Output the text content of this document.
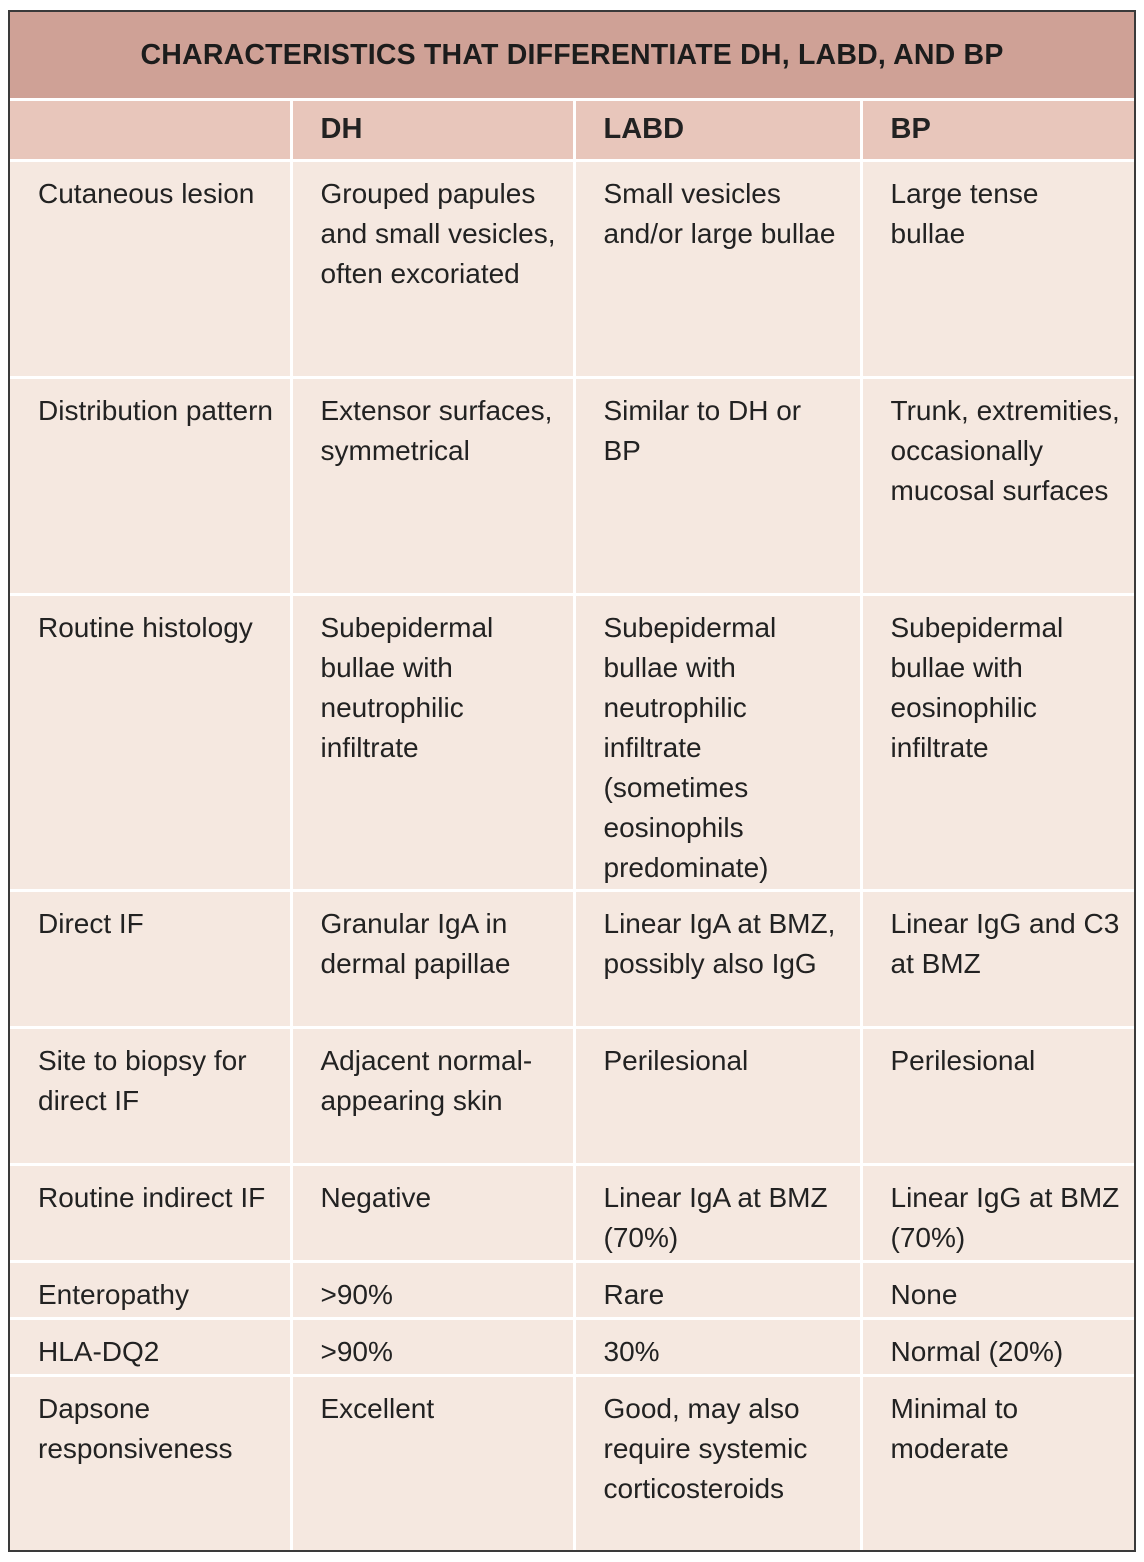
CHARACTERISTICS THAT DIFFERENTIATE DH, LABD, AND BP
	DH	LABD	BP
Cutaneous lesion	Grouped papules and small vesicles, often excoriated	Small vesicles and/or large bullae	Large tense bullae
Distribution pattern	Extensor surfaces, symmetrical	Similar to DH or BP	Trunk, extremities, occasionally mucosal surfaces
Routine histology	Subepidermal bullae with neutrophilic infiltrate	Subepidermal bullae with neutrophilic infiltrate (sometimes eosinophils predominate)	Subepidermal bullae with eosinophilic infiltrate
Direct IF	Granular IgA in dermal papillae	Linear IgA at BMZ, possibly also IgG	Linear IgG and C3 at BMZ
Site to biopsy for direct IF	Adjacent normal-appearing skin	Perilesional	Perilesional
Routine indirect IF	Negative	Linear IgA at BMZ (70%)	Linear IgG at BMZ (70%)
Enteropathy	>90%	Rare	None
HLA-DQ2	>90%	30%	Normal (20%)
Dapsone responsiveness	Excellent	Good, may also require systemic corticosteroids	Minimal to moderate
